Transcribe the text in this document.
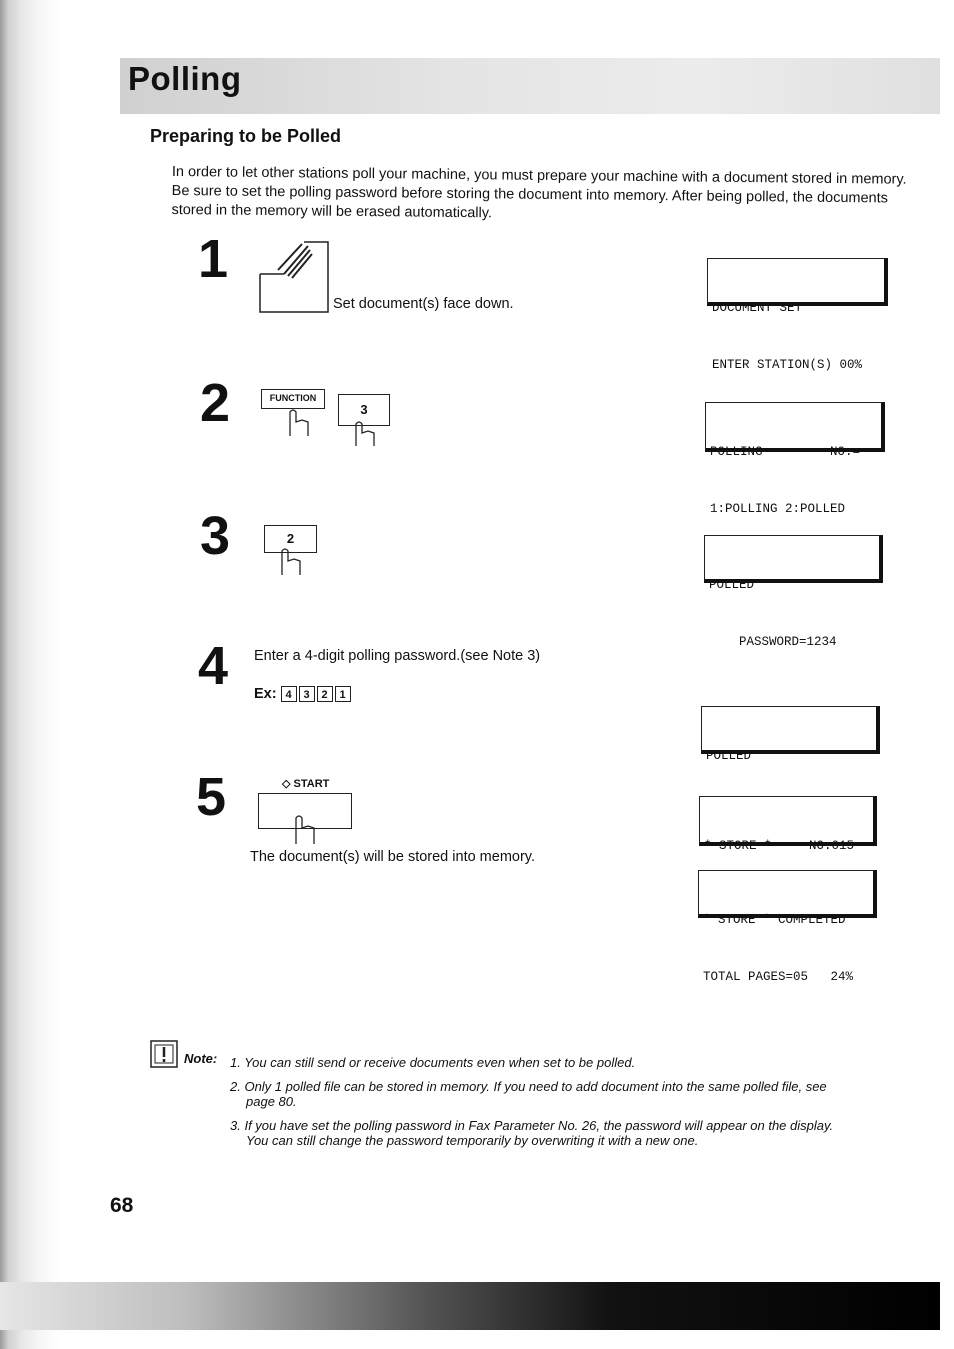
Polling
Preparing to be Polled
In order to let other stations poll your machine, you must prepare your machine with a document stored in memory. Be sure to set the polling password before storing the document into memory. After being polled, the documents stored in the memory will be erased automatically.
1
Set document(s) face down.

	DOCUMENT SET

ENTER STATION(S) 00%

2	FUNCTION
3

POLLING         NO.=

1:POLLING 2:POLLED

3	2

POLLED

PASSWORD=1234

4 Enter a 4-digit polling password.(see Note 3)
Ex: 4 3 2 1

POLLED

5	◇ START
The document(s) will be stored into memory.

* STORE *     NO.015

* STORE * COMPLETED

TOTAL PAGES=05   24%

Note: 1. You can still send or receive documents even when set to be polled.
2. Only 1 polled file can be stored in memory. If you need to add document into the same polled file, see
page 80.
3. If you have set the polling password in Fax Parameter No. 26, the password will appear on the display.
You can still change the password temporarily by overwriting it with a new one.
68
